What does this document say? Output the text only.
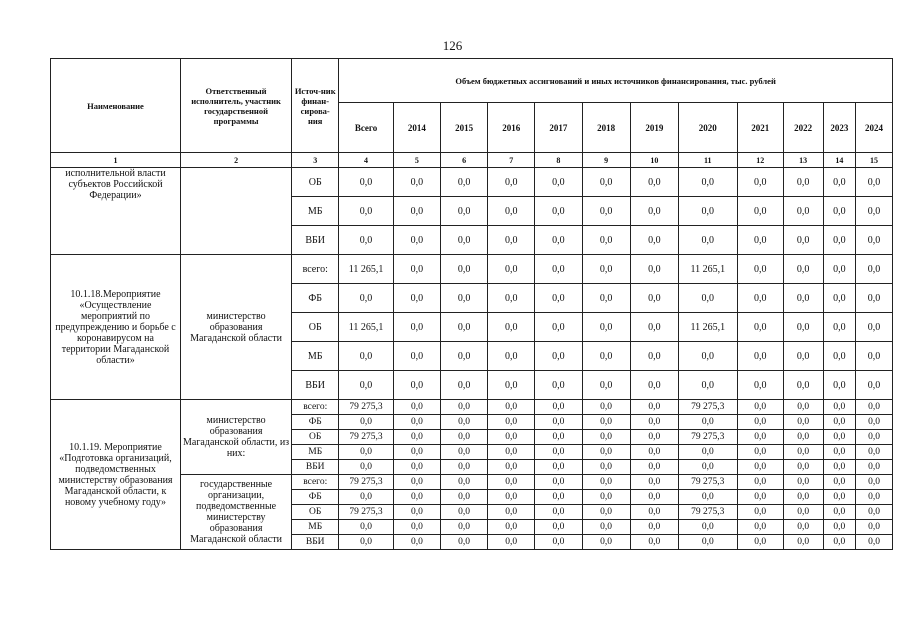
126
Наименование	Ответственный исполнитель, участник государственной программы	Источ-ник финан-сирова-ния	Объем бюджетных ассигнований и иных источников финансирования, тыс. рублей											
			Всего	2014	2015	2016	2017	2018	2019	2020	2021	2022	2023	2024
1	2	3	4	5	6	7	8	9	10	11	12	13	14	15
исполнительной власти субъектов Российской Федерации»		ОБ	0,0	0,0	0,0	0,0	0,0	0,0	0,0	0,0	0,0	0,0	0,0	0,0
		МБ	0,0	0,0	0,0	0,0	0,0	0,0	0,0	0,0	0,0	0,0	0,0	0,0
		ВБИ	0,0	0,0	0,0	0,0	0,0	0,0	0,0	0,0	0,0	0,0	0,0	0,0
10.1.18.Мероприятие «Осуществление мероприятий по предупреждению и борьбе с коронавирусом на территории Магаданской области»	министерство образования Магаданской области	всего:	11 265,1	0,0	0,0	0,0	0,0	0,0	0,0	11 265,1	0,0	0,0	0,0	0,0
		ФБ	0,0	0,0	0,0	0,0	0,0	0,0	0,0	0,0	0,0	0,0	0,0	0,0
		ОБ	11 265,1	0,0	0,0	0,0	0,0	0,0	0,0	11 265,1	0,0	0,0	0,0	0,0
		МБ	0,0	0,0	0,0	0,0	0,0	0,0	0,0	0,0	0,0	0,0	0,0	0,0
		ВБИ	0,0	0,0	0,0	0,0	0,0	0,0	0,0	0,0	0,0	0,0	0,0	0,0
10.1.19. Мероприятие «Подготовка организаций, подведомственных министерству образования Магаданской области, к новому учебному году»	министерство образования Магаданской области, из них:	всего:	79 275,3	0,0	0,0	0,0	0,0	0,0	0,0	79 275,3	0,0	0,0	0,0	0,0
		ФБ	0,0	0,0	0,0	0,0	0,0	0,0	0,0	0,0	0,0	0,0	0,0	0,0
		ОБ	79 275,3	0,0	0,0	0,0	0,0	0,0	0,0	79 275,3	0,0	0,0	0,0	0,0
		МБ	0,0	0,0	0,0	0,0	0,0	0,0	0,0	0,0	0,0	0,0	0,0	0,0
		ВБИ	0,0	0,0	0,0	0,0	0,0	0,0	0,0	0,0	0,0	0,0	0,0	0,0
	государственные организации, подведомственные министерству образования Магаданской области	всего:	79 275,3	0,0	0,0	0,0	0,0	0,0	0,0	79 275,3	0,0	0,0	0,0	0,0
		ФБ	0,0	0,0	0,0	0,0	0,0	0,0	0,0	0,0	0,0	0,0	0,0	0,0
		ОБ	79 275,3	0,0	0,0	0,0	0,0	0,0	0,0	79 275,3	0,0	0,0	0,0	0,0
		МБ	0,0	0,0	0,0	0,0	0,0	0,0	0,0	0,0	0,0	0,0	0,0	0,0
		ВБИ	0,0	0,0	0,0	0,0	0,0	0,0	0,0	0,0	0,0	0,0	0,0	0,0
